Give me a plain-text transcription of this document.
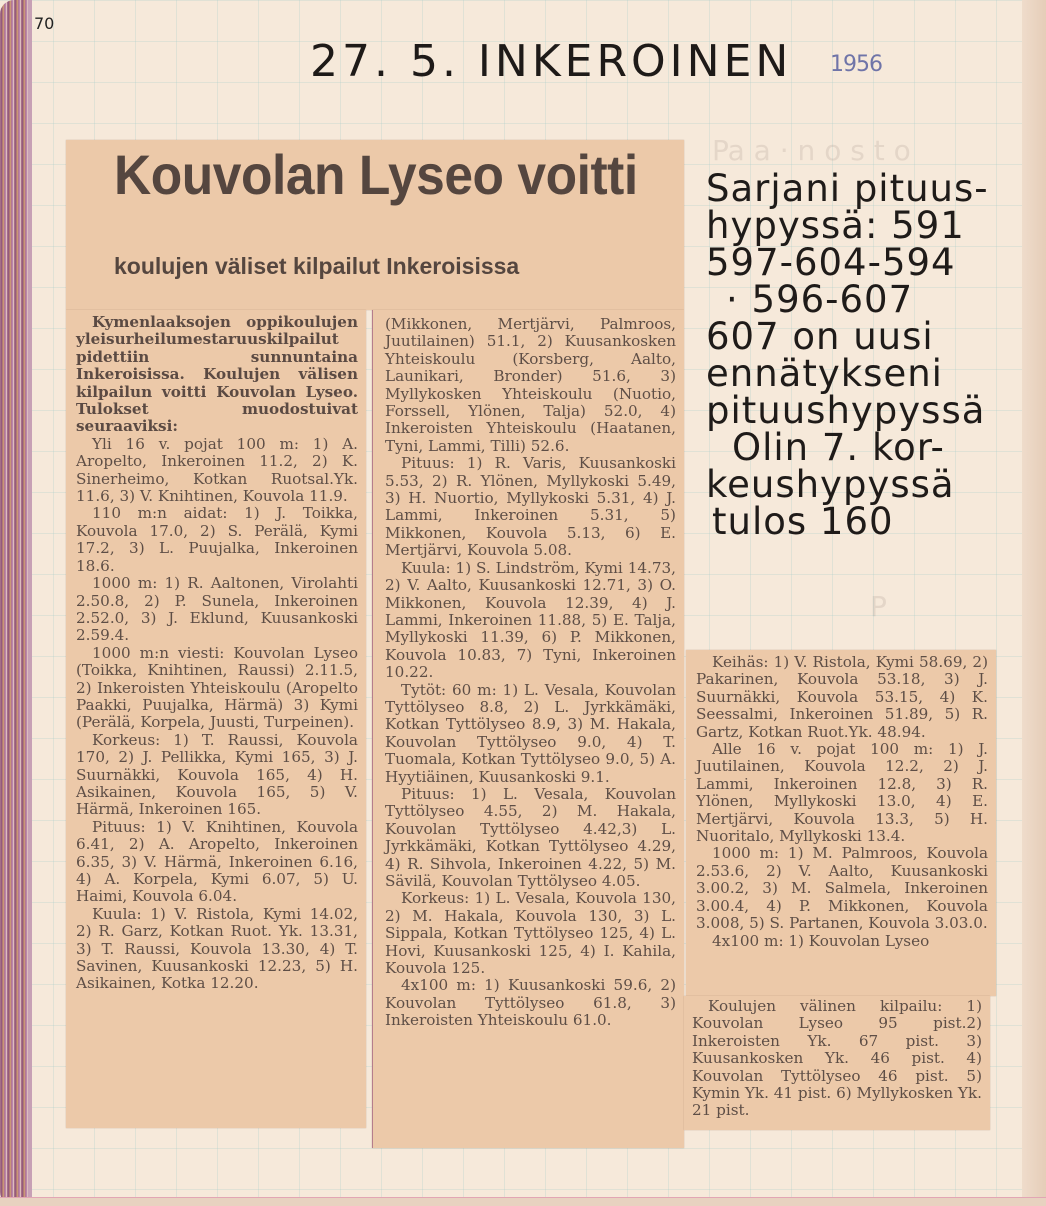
70
27. 5. INKEROINEN 1956
Pa a · n o s t o
P
Kouvolan Lyseo voitti
koulujen väliset kilpailut Inkeroisissa

Kymenlaaksojen oppikoulujen yleisurheilumestaruuskilpailut pidettiin sunnuntaina Inkeroisissa. Koulujen välisen kilpailun voitti Kouvolan Lyseo. Tulokset muodostuivat seuraaviksi:

Yli 16 v. pojat 100 m: 1) A. Aropelto, Inkeroinen 11.2, 2) K. Sinerheimo, Kotkan Ruotsal.Yk. 11.6, 3) V. Knihtinen, Kouvola 11.9.

110 m:n aidat: 1) J. Toikka, Kouvola 17.0, 2) S. Perälä, Kymi 17.2, 3) L. Puujalka, Inkeroinen 18.6.

1000 m: 1) R. Aaltonen, Virolahti 2.50.8, 2) P. Sunela, Inkeroinen 2.52.0, 3) J. Eklund, Kuusankoski 2.59.4.

1000 m:n viesti: Kouvolan Lyseo (Toikka, Knihtinen, Raussi) 2.11.5, 2) Inkeroisten Yhteiskoulu (Aropelto Paakki, Puujalka, Härmä) 3) Kymi (Perälä, Korpela, Juusti, Turpeinen).

Korkeus: 1) T. Raussi, Kouvola 170, 2) J. Pellikka, Kymi 165, 3) J. Suurnäkki, Kouvola 165, 4) H. Asikainen, Kouvola 165, 5) V. Härmä, Inkeroinen 165.

Pituus: 1) V. Knihtinen, Kouvola 6.41, 2) A. Aropelto, Inkeroinen 6.35, 3) V. Härmä, Inkeroinen 6.16, 4) A. Korpela, Kymi 6.07, 5) U. Haimi, Kouvola 6.04.

Kuula: 1) V. Ristola, Kymi 14.02, 2) R. Garz, Kotkan Ruot. Yk. 13.31, 3) T. Raussi, Kouvola 13.30, 4) T. Savinen, Kuusankoski 12.23, 5) H. Asikainen, Kotka 12.20.

(Mikkonen, Mertjärvi, Palmroos, Juutilainen) 51.1, 2) Kuusankosken Yhteiskoulu (Korsberg, Aalto, Launikari, Bronder) 51.6, 3) Myllykosken Yhteiskoulu (Nuotio, Forssell, Ylönen, Talja) 52.0, 4) Inkeroisten Yhteiskoulu (Haatanen, Tyni, Lammi, Tilli) 52.6.

Pituus: 1) R. Varis, Kuusankoski 5.53, 2) R. Ylönen, Myllykoski 5.49, 3) H. Nuortio, Myllykoski 5.31, 4) J. Lammi, Inkeroinen 5.31, 5) Mikkonen, Kouvola 5.13, 6) E. Mertjärvi, Kouvola 5.08.

Kuula: 1) S. Lindström, Kymi 14.73, 2) V. Aalto, Kuusankoski 12.71, 3) O. Mikkonen, Kouvola 12.39, 4) J. Lammi, Inkeroinen 11.88, 5) E. Talja, Myllykoski 11.39, 6) P. Mikkonen, Kouvola 10.83, 7) Tyni, Inkeroinen 10.22.

Tytöt: 60 m: 1) L. Vesala, Kouvolan Tyttölyseo 8.8, 2) L. Jyrkkämäki, Kotkan Tyttölyseo 8.9, 3) M. Hakala, Kouvolan Tyttölyseo 9.0, 4) T. Tuomala, Kotkan Tyttölyseo 9.0, 5) A. Hyytiäinen, Kuusankoski 9.1.

Pituus: 1) L. Vesala, Kouvolan Tyttölyseo 4.55, 2) M. Hakala, Kouvolan Tyttölyseo 4.42,3) L. Jyrkkämäki, Kotkan Tyttölyseo 4.29, 4) R. Sihvola, Inkeroinen 4.22, 5) M. Sävilä, Kouvolan Tyttölyseo 4.05.

Korkeus: 1) L. Vesala, Kouvola 130, 2) M. Hakala, Kouvola 130, 3) L. Sippala, Kotkan Tyttölyseo 125, 4) L. Hovi, Kuusankoski 125, 4) I. Kahila, Kouvola 125.

4x100 m: 1) Kuusankoski 59.6, 2) Kouvolan Tyttölyseo 61.8, 3) Inkeroisten Yhteiskoulu 61.0.

Sarjani pituus-
hypyssä: 591
597-604-594
· 596-607
607 on uusi
ennätykseni
pituushypyssä
Olin 7. kor-
keushypyssä
tulos 160

Keihäs: 1) V. Ristola, Kymi 58.69, 2) Pakarinen, Kouvola 53.18, 3) J. Suurnäkki, Kouvola 53.15, 4) K. Seessalmi, Inkeroinen 51.89, 5) R. Gartz, Kotkan Ruot.Yk. 48.94.

Alle 16 v. pojat 100 m: 1) J. Juutilainen, Kouvola 12.2, 2) J. Lammi, Inkeroinen 12.8, 3) R. Ylönen, Myllykoski 13.0, 4) E. Mertjärvi, Kouvola 13.3, 5) H. Nuoritalo, Myllykoski 13.4.

1000 m: 1) M. Palmroos, Kouvola 2.53.6, 2) V. Aalto, Kuusankoski 3.00.2, 3) M. Salmela, Inkeroinen 3.00.4, 4) P. Mikkonen, Kouvola 3.008, 5) S. Partanen, Kouvola 3.03.0.

4x100 m: 1) Kouvolan Lyseo

Koulujen välinen kilpailu: 1) Kouvolan Lyseo 95 pist.2) Inkeroisten Yk. 67 pist. 3) Kuusankosken Yk. 46 pist. 4) Kouvolan Tyttölyseo 46 pist. 5) Kymin Yk. 41 pist. 6) Myllykosken Yk. 21 pist.
